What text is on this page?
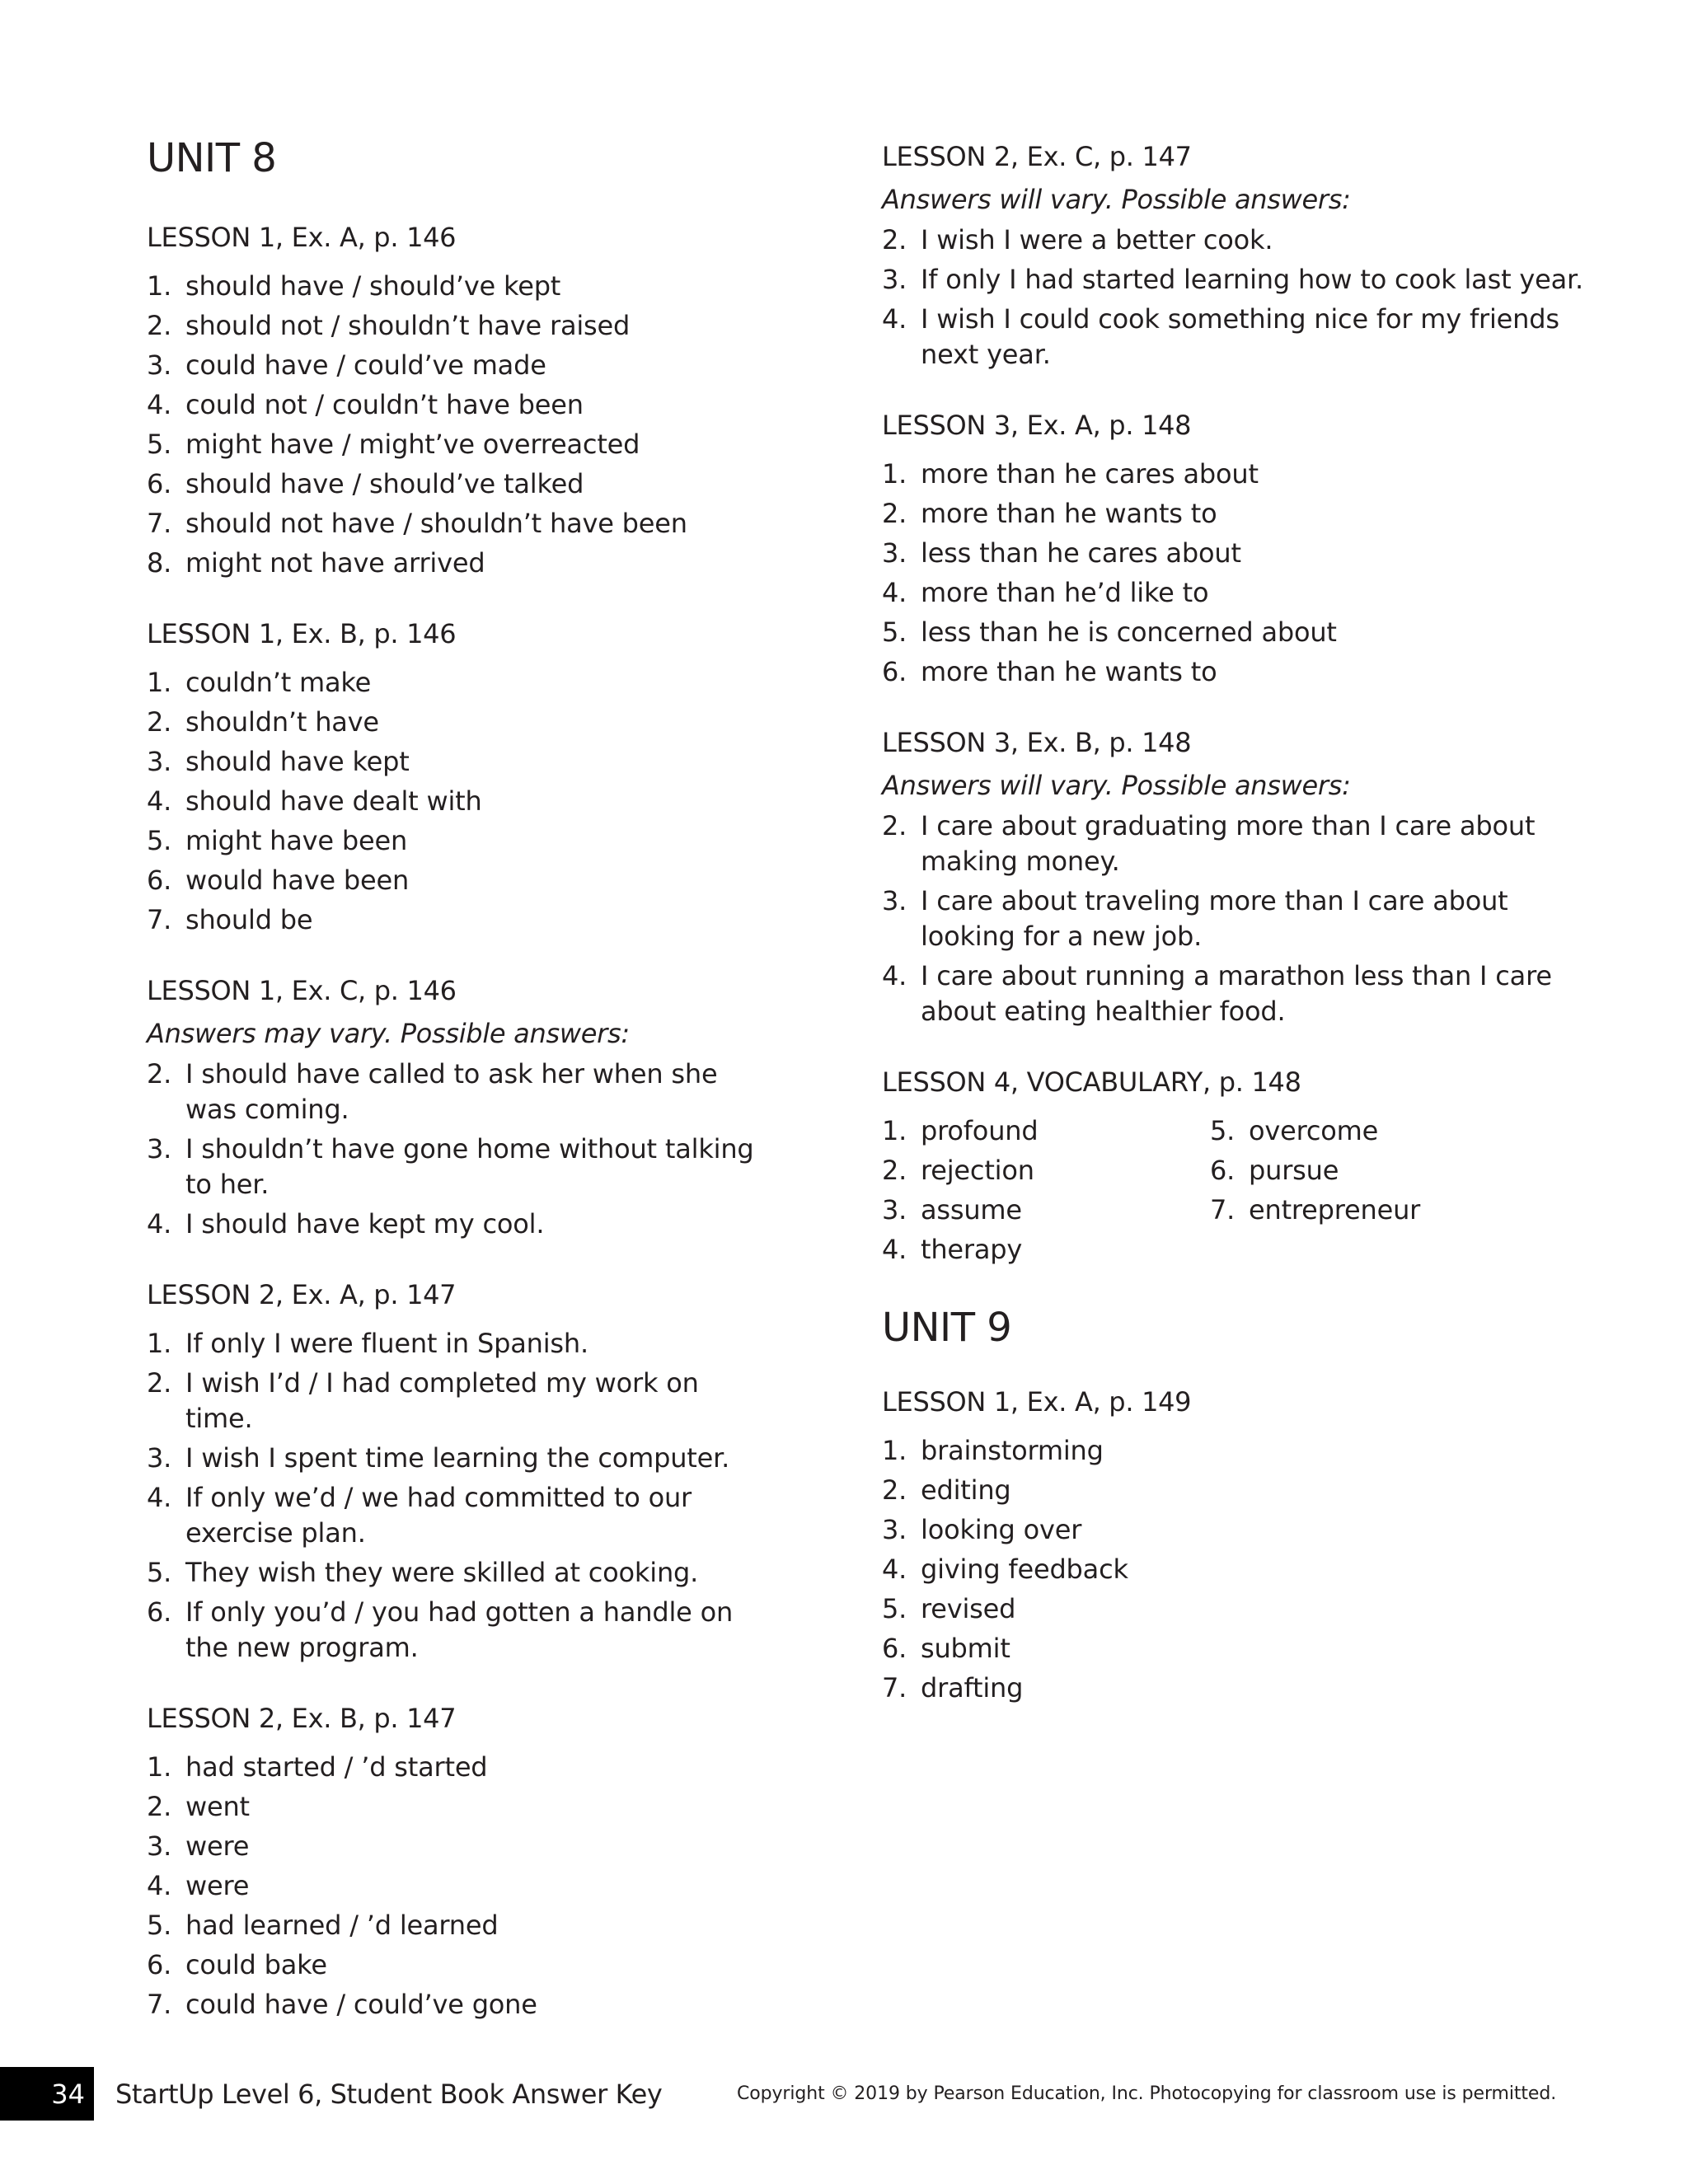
UNIT 8
LESSON 1, Ex. A, p. 146
1. should have / should’ve kept
2. should not / shouldn’t have raised
3. could have / could’ve made
4. could not / couldn’t have been
5. might have / might’ve overreacted
6. should have / should’ve talked
7. should not have / shouldn’t have been
8. might not have arrived
LESSON 1, Ex. B, p. 146
1. couldn’t make
2. shouldn’t have
3. should have kept
4. should have dealt with
5. might have been
6. would have been
7. should be
LESSON 1, Ex. C, p. 146
Answers may vary. Possible answers:
2. I should have called to ask her when she was coming.
3. I shouldn’t have gone home without talking to her.
4. I should have kept my cool.
LESSON 2, Ex. A, p. 147
1. If only I were fluent in Spanish.
2. I wish I’d / I had completed my work on time.
3. I wish I spent time learning the computer.
4. If only we’d / we had committed to our exercise plan.
5. They wish they were skilled at cooking.
6. If only you’d / you had gotten a handle on the new program.
LESSON 2, Ex. B, p. 147
1. had started / ’d started
2. went
3. were
4. were
5. had learned / ’d learned
6. could bake
7. could have / could’ve gone
LESSON 2, Ex. C, p. 147
Answers will vary. Possible answers:
2. I wish I were a better cook.
3. If only I had started learning how to cook last year.
4. I wish I could cook something nice for my friends next year.
LESSON 3, Ex. A, p. 148
1. more than he cares about
2. more than he wants to
3. less than he cares about
4. more than he’d like to
5. less than he is concerned about
6. more than he wants to
LESSON 3, Ex. B, p. 148
Answers will vary. Possible answers:
2. I care about graduating more than I care about making money.
3. I care about traveling more than I care about looking for a new job.
4. I care about running a marathon less than I care about eating healthier food.
LESSON 4, VOCABULARY, p. 148
1. profound
2. rejection
3. assume
4. therapy
5. overcome
6. pursue
7. entrepreneur
UNIT 9
LESSON 1, Ex. A, p. 149
1. brainstorming
2. editing
3. looking over
4. giving feedback
5. revised
6. submit
7. drafting
34	StartUp Level 6, Student Book Answer Key	Copyright © 2019 by Pearson Education, Inc. Photocopying for classroom use is permitted.
